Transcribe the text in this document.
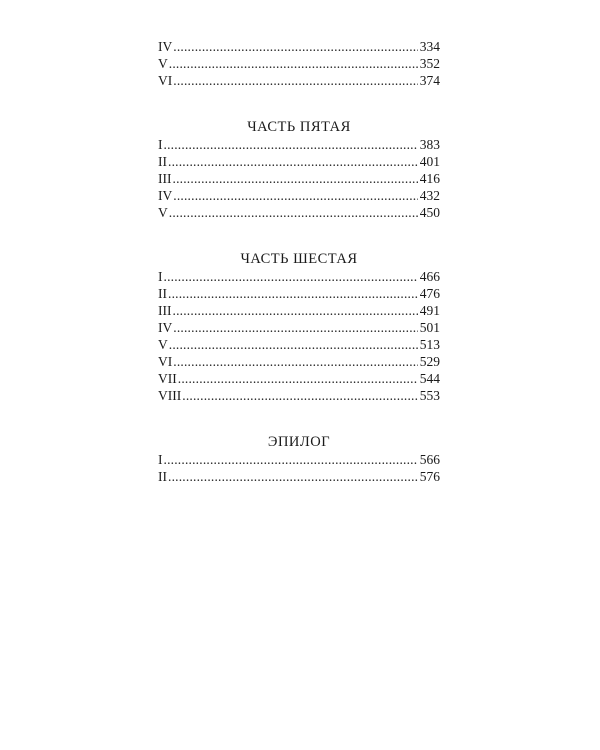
IV .....	334
V .....	352
VI .....	374
ЧАСТЬ ПЯТАЯ
I .....	383
II .....	401
III .....	416
IV .....	432
V .....	450
ЧАСТЬ ШЕСТАЯ
I .....	466
II .....	476
III .....	491
IV .....	501
V .....	513
VI .....	529
VII .....	544
VIII .....	553
ЭПИЛОГ
I .....	566
II .....	576
